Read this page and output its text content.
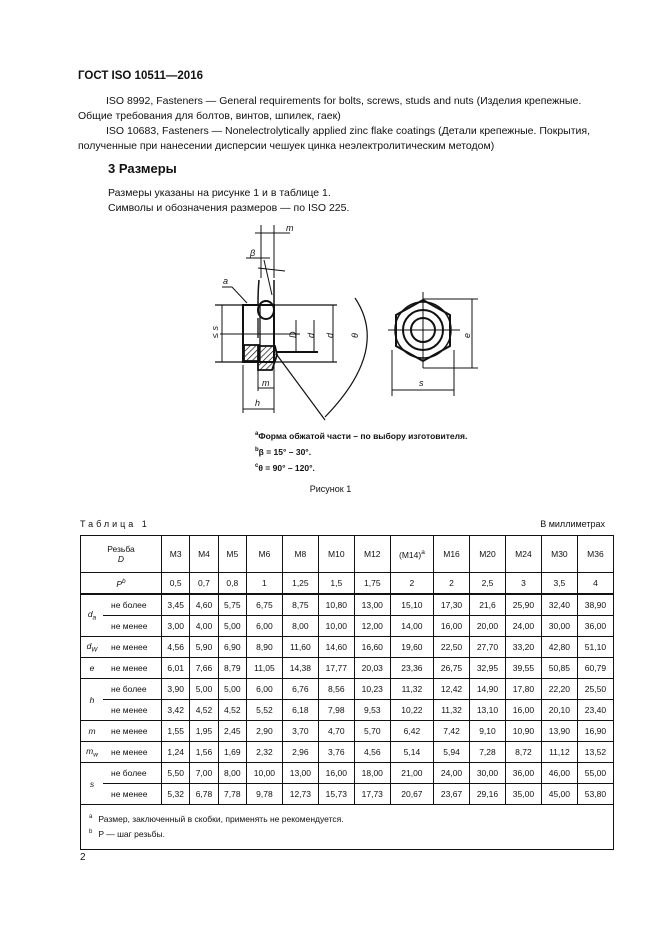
ГОСТ ISO 10511—2016
ISO 8992, Fasteners — General requirements for bolts, screws, studs and nuts (Изделия крепежные.
Общие требования для болтов, винтов, шпилек, гаек)
ISO 10683, Fasteners — Nonelectrolytically applied zinc flake coatings (Детали крепежные. Покрытия,
полученные при нанесении дисперсии чешуек цинка неэлектролитическим методом)
3 Размеры
Размеры указаны на рисунке 1 и в таблице 1.
Символы и обозначения размеров — по ISO 225.
m
β
a
≤ s	D d d θ
m
h
e
s
$^a$Форма обжатой части – по выбору изготовителя.
$^b$β = 15° – 30°.
$^c$θ = 90° – 120°.
Рисунок 1
Таблица 1	В миллиметрах
Резьба
D		M3	M4	M5	M6	M8	M10	M12	$(M14)^a$	M16	M20	M24	M30	M36
$P^b$		0,5	0,7	0,8	1	1,25	1,5	1,75	2	2	2,5	3	3,5	4
$d_a$	не более	3,45	4,60	5,75	6,75	8,75	10,80	13,00	15,10	17,30	21,6	25,90	32,40	38,90
	не менее	3,00	4,00	5,00	6,00	8,00	10,00	12,00	14,00	16,00	20,00	24,00	30,00	36,00
$d_W$	не менее	4,56	5,90	6,90	8,90	11,60	14,60	16,60	19,60	22,50	27,70	33,20	42,80	51,10
e	не менее	6,01	7,66	8,79	11,05	14,38	17,77	20,03	23,36	26,75	32,95	39,55	50,85	60,79
h	не более	3,90	5,00	5,00	6,00	6,76	8,56	10,23	11,32	12,42	14,90	17,80	22,20	25,50
	не менее	3,42	4,52	4,52	5,52	6,18	7,98	9,53	10,22	11,32	13,10	16,00	20,10	23,40
m	не менее	1,55	1,95	2,45	2,90	3,70	4,70	5,70	6,42	7,42	9,10	10,90	13,90	16,90
$m_w$	не менее	1,24	1,56	1,69	2,32	2,96	3,76	4,56	5,14	5,94	7,28	8,72	11,12	13,52
s	не более	5,50	7,00	8,00	10,00	13,00	16,00	18,00	21,00	24,00	30,00	36,00	46,00	55,00
	не менее	5,32	6,78	7,78	9,78	12,73	15,73	17,73	20,67	23,67	29,16	35,00	45,00	53,80

$^a$ Размер, заключенный в скобки, применять не рекомендуется.
$^b$ P — шаг резьбы.														
2
